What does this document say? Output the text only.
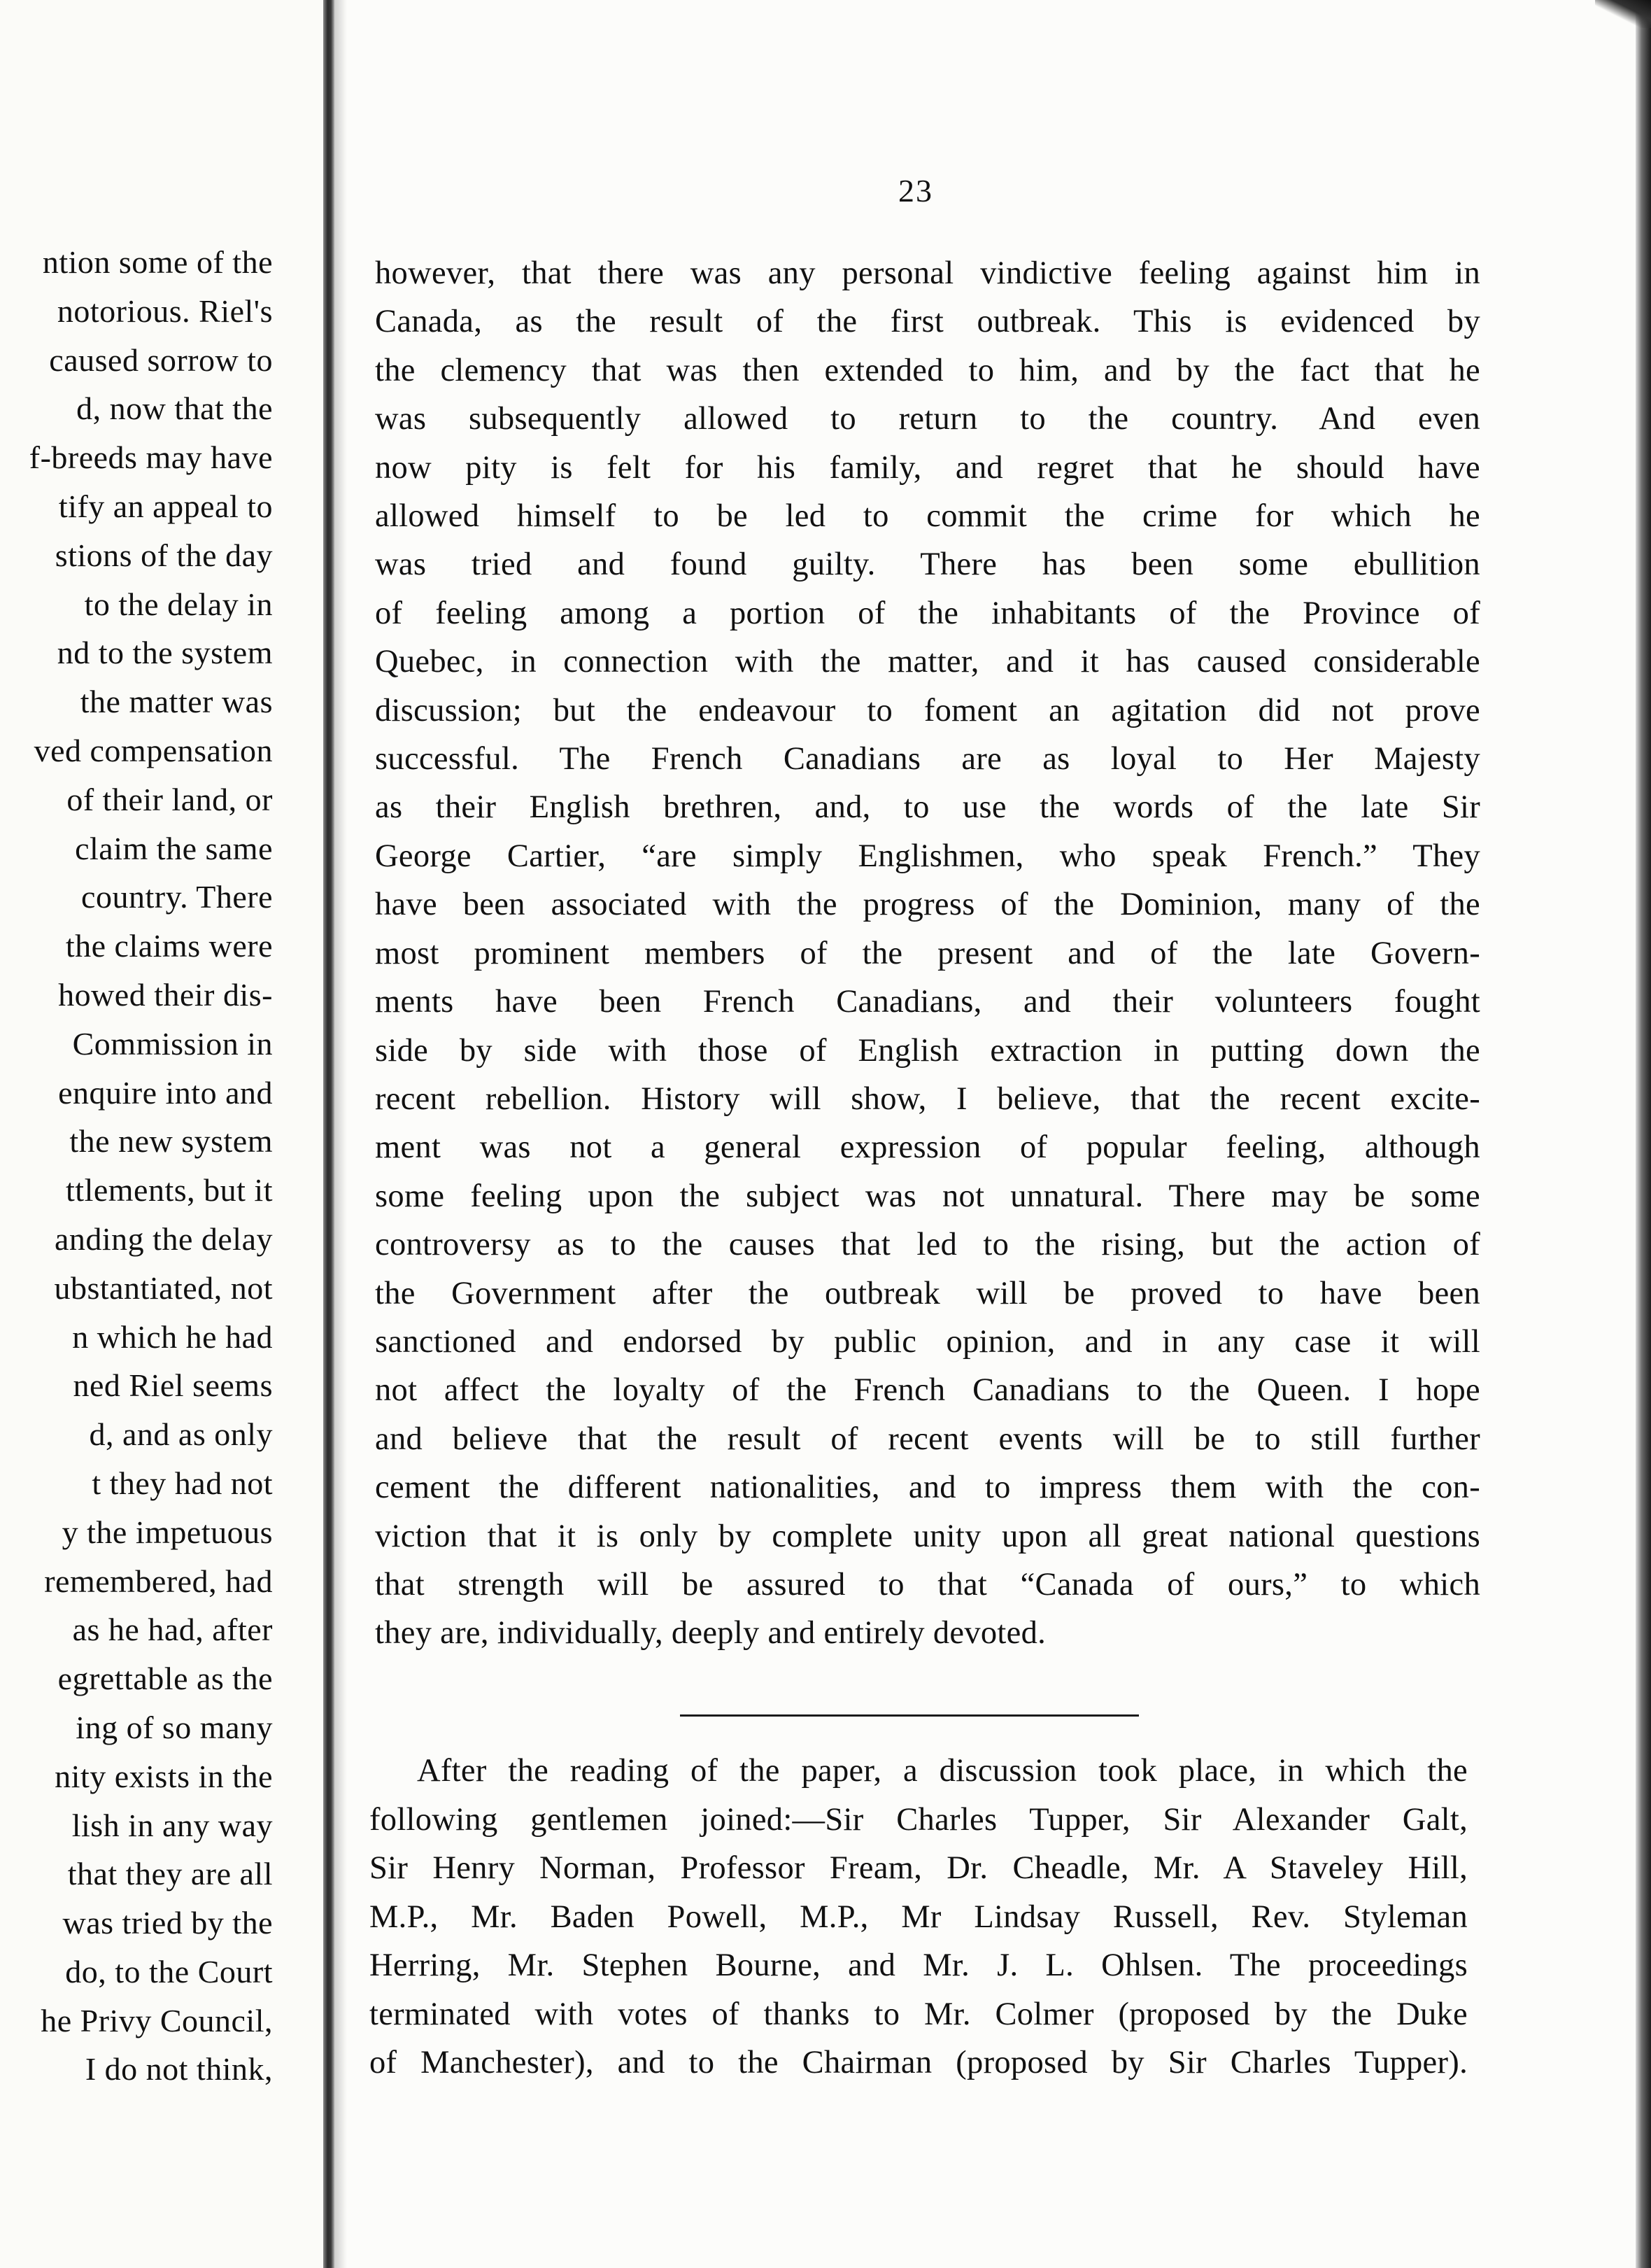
ntion some of the
notorious. Riel's
caused sorrow to
d, now that the
f-breeds may have
tify an appeal to
stions of the day
to the delay in
nd to the system
the matter was
ved compensation
of their land, or
claim the same
country. There
the claims were
howed their dis-
Commission in
enquire into and
the new system
ttlements, but it
anding the delay
ubstantiated, not
n which he had
ned Riel seems
d, and as only
t they had not
y the impetuous
remembered, had
as he had, after
egrettable as the
ing of so many
nity exists in the
lish in any way
that they are all
was tried by the
do, to the Court
he Privy Council,
I do not think,
23
however, that there was any personal vindictive feeling against him in
Canada, as the result of the first outbreak. This is evidenced by
the clemency that was then extended to him, and by the fact that he
was subsequently allowed to return to the country. And even
now pity is felt for his family, and regret that he should have
allowed himself to be led to commit the crime for which he
was tried and found guilty. There has been some ebullition
of feeling among a portion of the inhabitants of the Province of
Quebec, in connection with the matter, and it has caused considerable
discussion; but the endeavour to foment an agitation did not prove
successful. The French Canadians are as loyal to Her Majesty
as their English brethren, and, to use the words of the late Sir
George Cartier, “are simply Englishmen, who speak French.” They
have been associated with the progress of the Dominion, many of the
most prominent members of the present and of the late Govern-
ments have been French Canadians, and their volunteers fought
side by side with those of English extraction in putting down the
recent rebellion. History will show, I believe, that the recent excite-
ment was not a general expression of popular feeling, although
some feeling upon the subject was not unnatural. There may be some
controversy as to the causes that led to the rising, but the action of
the Government after the outbreak will be proved to have been
sanctioned and endorsed by public opinion, and in any case it will
not affect the loyalty of the French Canadians to the Queen. I hope
and believe that the result of recent events will be to still further
cement the different nationalities, and to impress them with the con-
viction that it is only by complete unity upon all great national questions
that strength will be assured to that “Canada of ours,” to which
they are, individually, deeply and entirely devoted.
After the reading of the paper, a discussion took place, in which the
following gentlemen joined:—Sir Charles Tupper, Sir Alexander Galt,
Sir Henry Norman, Professor Fream, Dr. Cheadle, Mr. A Staveley Hill,
M.P., Mr. Baden Powell, M.P., Mr Lindsay Russell, Rev. Styleman
Herring, Mr. Stephen Bourne, and Mr. J. L. Ohlsen. The proceedings
terminated with votes of thanks to Mr. Colmer (proposed by the Duke
of Manchester), and to the Chairman (proposed by Sir Charles Tupper).
